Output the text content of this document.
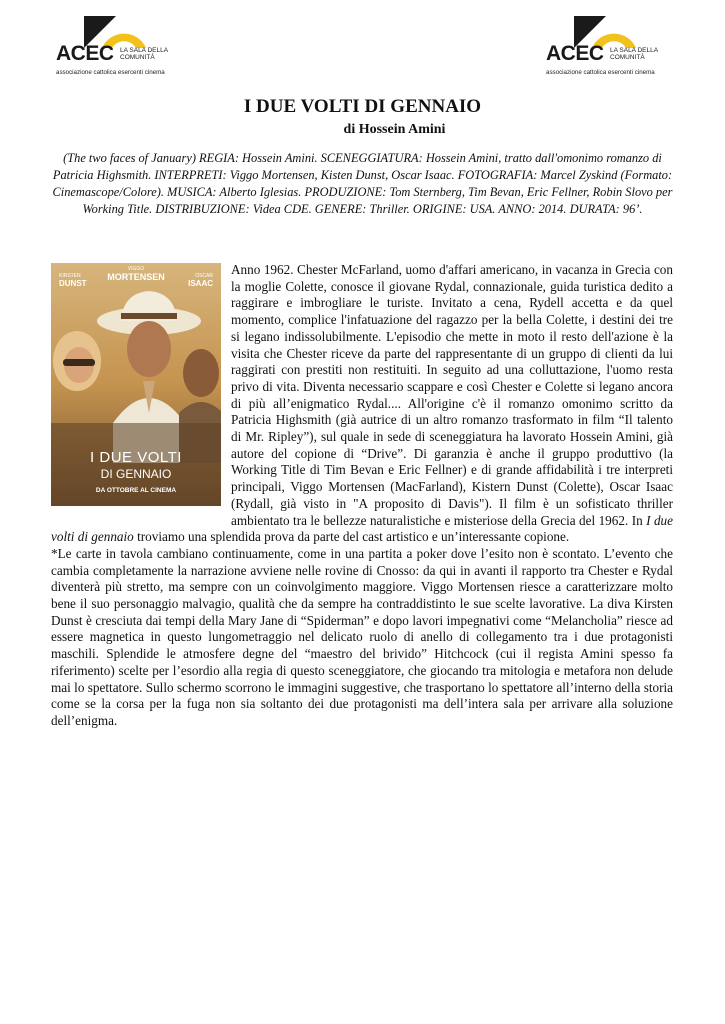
ACEC LA SALA DELLA COMUNITÀ
associazione cattolica esercenti cinema
ACEC LA SALA DELLA COMUNITÀ
associazione cattolica esercenti cinema
I DUE VOLTI DI GENNAIO
di Hossein Amini
(The two faces of January) REGIA: Hossein Amini. SCENEGGIATURA: Hossein Amini, tratto dall'omonimo romanzo di Patricia Highsmith. INTERPRETI: Viggo Mortensen, Kisten Dunst, Oscar Isaac. FOTOGRAFIA: Marcel Zyskind (Formato: Cinemascope/Colore). MUSICA: Alberto Iglesias. PRODUZIONE: Tom Sternberg, Tim Bevan, Eric Fellner, Robin Slovo per Working Title. DISTRIBUZIONE: Videa CDE. GENERE: Thriller. ORIGINE: USA. ANNO: 2014. DURATA: 96’.
KIRSTEN
DUNST
VIGGO
MORTENSEN	OSCAR
ISAAC
I DUE VOLTI
DI GENNAIO
DA OTTOBRE AL CINEMA

Anno 1962. Chester McFarland, uomo d'affari americano, in vacanza in Grecia con la moglie Colette, conosce il giovane Rydal, connazionale, guida turistica dedito a raggirare e imbrogliare le turiste. Invitato a cena, Rydell accetta e da quel momento, complice l'infatuazione del ragazzo per la bella Colette, i destini dei tre si legano indissolubilmente. L'episodio che mette in moto il resto dell'azione è la visita che Chester riceve da parte del rappresentante di un gruppo di clienti da lui raggirati con prestiti non restituiti. In seguito ad una colluttazione, l'uomo resta privo di vita. Diventa necessario scappare e così Chester e Colette si legano ancora di più all’enigmatico Rydal.... All'origine c'è il romanzo omonimo scritto da Patricia Highsmith (già autrice di un altro romanzo trasformato in film “Il talento di Mr. Ripley”), sul quale in sede di sceneggiatura ha lavorato Hossein Amini, già autore del copione di “Drive”. Di garanzia è anche il gruppo produttivo (la Working Title di Tim Bevan e Eric Fellner) e di grande affidabilità i tre interpreti principali, Viggo Mortensen (MacFarland), Kistern Dunst (Colette), Oscar Isaac (Rydall, già visto in "A proposito di Davis"). Il film è un sofisticato thriller ambientato tra le bellezze naturalistiche e misteriose della Grecia del 1962. In I due volti di gennaio troviamo una splendida prova da parte del cast artistico e un’interessante copione.

*Le carte in tavola cambiano continuamente, come in una partita a poker dove l’esito non è scontato. L’evento che cambia completamente la narrazione avviene nelle rovine di Cnosso: da qui in avanti il rapporto tra Chester e Rydal diventerà più stretto, ma sempre con un coinvolgimento maggiore. Viggo Mortensen riesce a caratterizzare molto bene il suo personaggio malvagio, qualità che da sempre ha contraddistinto le sue scelte lavorative. La diva Kirsten Dunst è cresciuta dai tempi della Mary Jane di “Spiderman” e dopo lavori impegnativi come “Melancholia” riesce ad essere magnetica in questo lungometraggio nel delicato ruolo di anello di collegamento tra i due protagonisti maschili. Splendide le atmosfere degne del “maestro del brivido” Hitchcock (cui il regista Amini spesso fa riferimento) scelte per l’esordio alla regia di questo sceneggiatore, che giocando tra mitologia e metafora non delude mai lo spettatore. Sullo schermo scorrono le immagini suggestive, che trasportano lo spettatore all’interno della storia come se la corsa per la fuga non sia soltanto dei due protagonisti ma dell’intera sala per arrivare alla soluzione dell’enigma.
